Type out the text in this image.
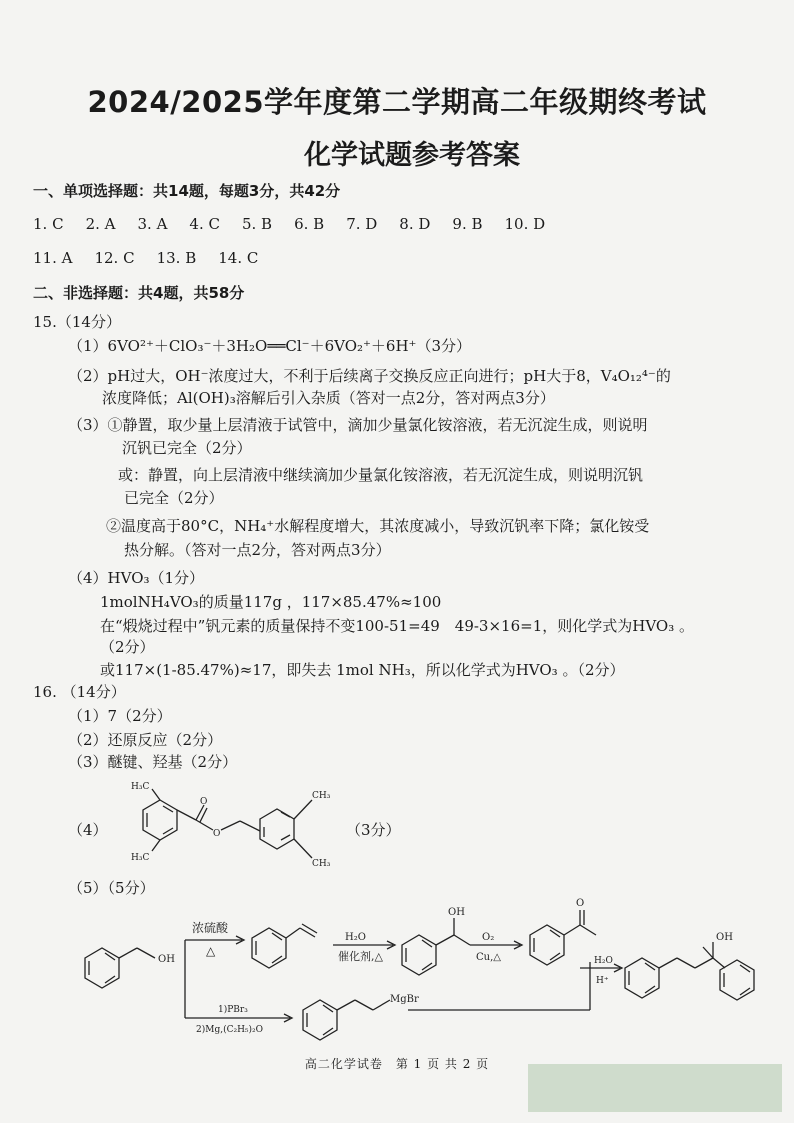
2024/2025学年度第二学期高二年级期终考试
化学试题参考答案
一、单项选择题：共14题，每题3分，共42分
1. C 2. A 3. A 4. C 5. B 6. B 7. D 8. D 9. B 10. D
11. A 12. C 13. B 14. C
二、非选择题：共4题，共58分
15.（14分）
（1）6VO²⁺＋ClO₃⁻＋3H₂O══Cl⁻＋6VO₂⁺＋6H⁺（3分）
（2）pH过大，OH⁻浓度过大，不利于后续离子交换反应正向进行；pH大于8，V₄O₁₂⁴⁻的
浓度降低；Al(OH)₃溶解后引入杂质（答对一点2分，答对两点3分）
（3）①静置，取少量上层清液于试管中，滴加少量氯化铵溶液，若无沉淀生成，则说明
沉钒已完全（2分）
或：静置，向上层清液中继续滴加少量氯化铵溶液，若无沉淀生成，则说明沉钒
已完全（2分）
②温度高于80°C，NH₄⁺水解程度增大，其浓度减小，导致沉钒率下降；氯化铵受
热分解。（答对一点2分，答对两点3分）
（4）HVO₃（1分）
1molNH₄VO₃的质量117g ，117×85.47%≈100
在“煅烧过程中”钒元素的质量保持不变100-51=49　49-3×16=1，则化学式为HVO₃ 。
（2分）
或117×(1-85.47%)≈17，即失去 1mol NH₃，所以化学式为HVO₃ 。（2分）
16. （14分）
（1）7（2分）
（2）还原反应（2分）
（3）醚键、羟基（2分）
（4）	（3分）
（5）（5分）
H₃C
H₃C
O
O
CH₃
CH₃
OH
浓硫酸
△
H₂O
催化剂,△
OH
O₂
Cu,△
O
1)PBr₃
2)Mg,(C₂H₅)₂O
MgBr
H₂O
H⁺
OH
高二化学试卷　第 1 页 共 2 页
